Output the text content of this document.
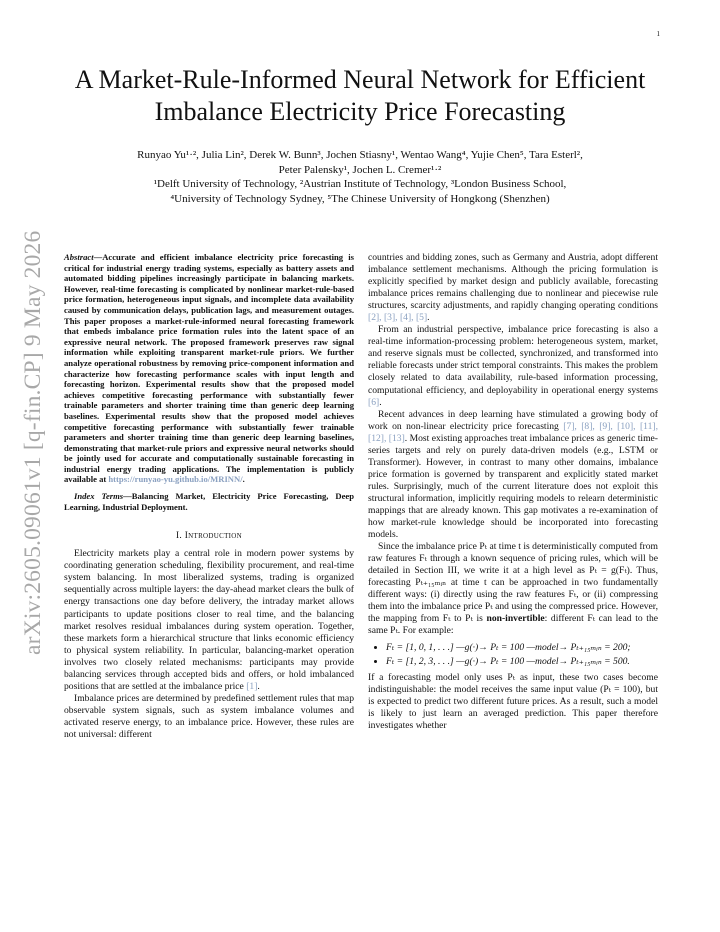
1
arXiv:2605.09061v1 [q-fin.CP] 9 May 2026
A Market-Rule-Informed Neural Network for Efficient Imbalance Electricity Price Forecasting
Runyao Yu¹·², Julia Lin², Derek W. Bunn³, Jochen Stiasny¹, Wentao Wang⁴, Yujie Chen⁵, Tara Esterl²,
Peter Palensky¹, Jochen L. Cremer¹·²
¹Delft University of Technology, ²Austrian Institute of Technology, ³London Business School,
⁴University of Technology Sydney, ⁵The Chinese University of Hongkong (Shenzhen)

Abstract—Accurate and efficient imbalance electricity price forecasting is critical for industrial energy trading systems, especially as battery assets and automated bidding pipelines increasingly participate in balancing markets. However, real-time forecasting is complicated by nonlinear market-rule-based price formation, heterogeneous input signals, and incomplete data availability caused by communication delays, publication lags, and measurement outages. This paper proposes a market-rule-informed neural forecasting framework that embeds imbalance price formation rules into the latent space of an expressive neural network. The proposed framework preserves raw signal information while exploiting transparent market-rule priors. We further analyze operational robustness by removing price-component information and characterize how forecasting performance scales with input length and forecasting horizon. Experimental results show that the proposed model achieves competitive forecasting performance with substantially fewer trainable parameters and shorter training time than generic deep learning baselines. Experimental results show that the proposed model achieves competitive forecasting performance with substantially fewer trainable parameters and shorter training time than generic deep learning baselines, demonstrating that market-rule priors and expressive neural networks should be jointly used for accurate and computationally sustainable forecasting in industrial energy trading applications. The implementation is publicly available at https://runyao-yu.github.io/MRINN/.

Index Terms—Balancing Market, Electricity Price Forecasting, Deep Learning, Industrial Deployment.

I. Introduction

Electricity markets play a central role in modern power systems by coordinating generation scheduling, flexibility procurement, and real-time system balancing. In most liberalized systems, trading is organized sequentially across multiple layers: the day-ahead market clears the bulk of energy transactions one day before delivery, the intraday market allows participants to update positions closer to real time, and the balancing market resolves residual imbalances during system operation. Together, these markets form a hierarchical structure that links economic efficiency to physical system reliability. In particular, balancing-market operation involves two closely related mechanisms: participants may provide balancing services through accepted bids and offers, or hold imbalanced positions that are settled at the imbalance price [1].

Imbalance prices are determined by predefined settlement rules that map observable system signals, such as system imbalance volumes and activated reserve energy, to an imbalance price. However, these rules are not universal: different

countries and bidding zones, such as Germany and Austria, adopt different imbalance settlement mechanisms. Although the pricing formulation is explicitly specified by market design and publicly available, forecasting imbalance prices remains challenging due to nonlinear and piecewise rule structures, scarcity adjustments, and rapidly changing operating conditions [2], [3], [4], [5].

From an industrial perspective, imbalance price forecasting is also a real-time information-processing problem: heterogeneous system, market, and reserve signals must be collected, synchronized, and transformed into reliable forecasts under strict temporal constraints. This makes the problem closely related to data availability, rule-based information processing, computational efficiency, and deployability in operational energy systems [6].

Recent advances in deep learning have stimulated a growing body of work on non-linear electricity price forecasting [7], [8], [9], [10], [11], [12], [13]. Most existing approaches treat imbalance prices as generic time-series targets and rely on purely data-driven models (e.g., LSTM or Transformer). However, in contrast to many other domains, imbalance price formation is governed by transparent and explicitly stated market rules. Surprisingly, much of the current literature does not exploit this structural information, implicitly requiring models to relearn deterministic mappings that are already known. This gap motivates a re-examination of how market-rule knowledge should be incorporated into forecasting models.

Since the imbalance price Pₜ at time t is deterministically computed from raw features Fₜ through a known sequence of pricing rules, which will be detailed in Section III, we write it at a high level as Pₜ = g(Fₜ). Thus, forecasting Pₜ₊₁₅ₘᵢₙ at time t can be approached in two fundamentally different ways: (i) directly using the raw features Fₜ, or (ii) compressing them into the imbalance price Pₜ and using the compressed price. However, the mapping from Fₜ to Pₜ is non-invertible: different Fₜ can lead to the same Pₜ. For example:

• Fₜ = [1, 0, 1, . . .] —g(·)→ Pₜ = 100 —model→ Pₜ₊₁₅ₘᵢₙ = 200;
• Fₜ = [1, 2, 3, . . .] —g(·)→ Pₜ = 100 —model→ Pₜ₊₁₅ₘᵢₙ = 500.

If a forecasting model only uses Pₜ as input, these two cases become indistinguishable: the model receives the same input value (Pₜ = 100), but is expected to predict two different future prices. As a result, such a model is likely to just learn an averaged prediction. This paper therefore investigates whether
